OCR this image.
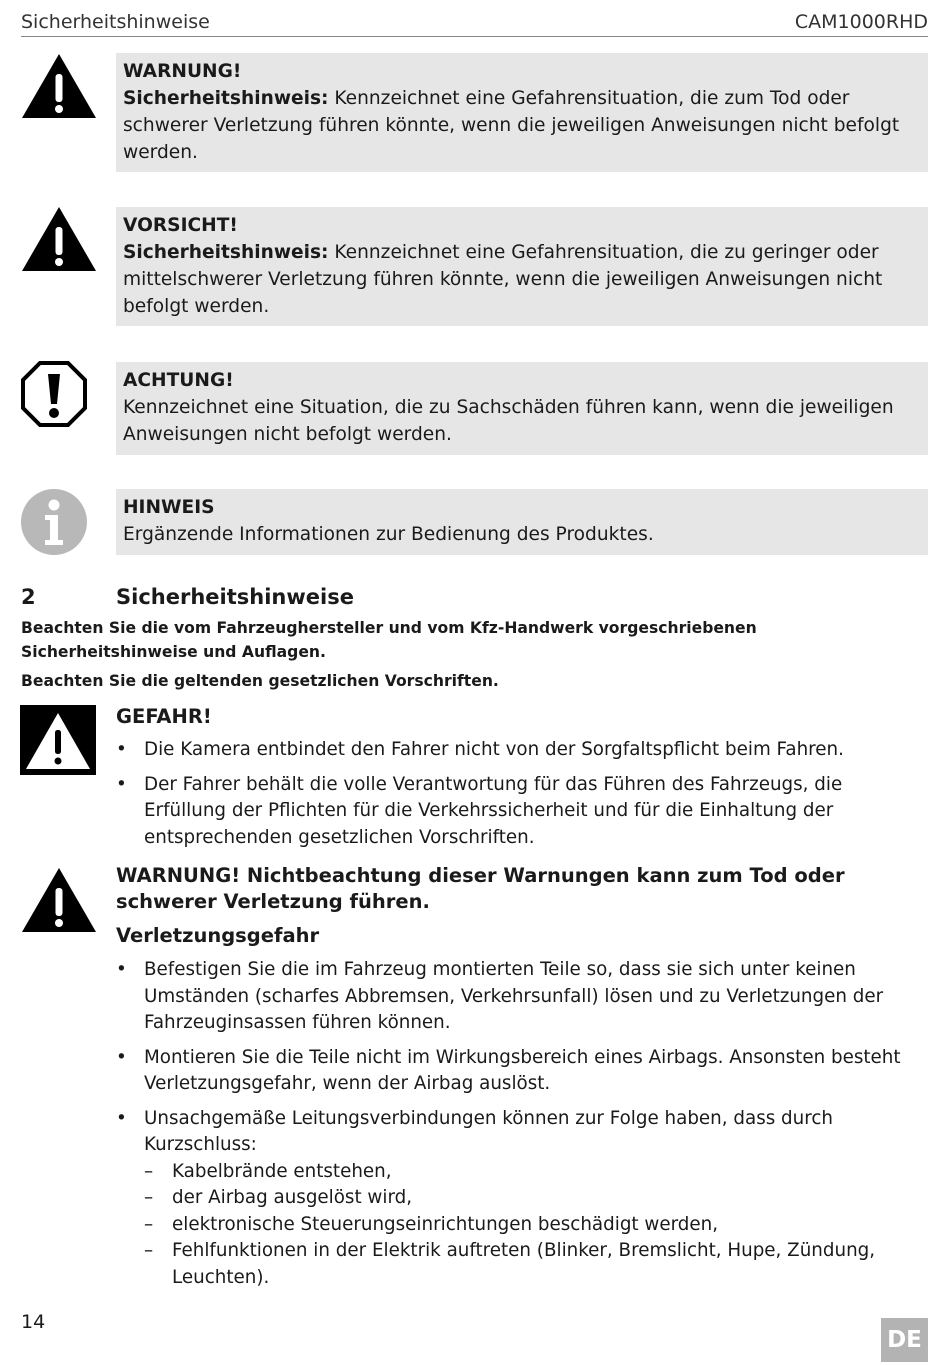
Sicherheitshinweise	CAM1000RHD
WARNUNG!
Sicherheitshinweis: Kennzeichnet eine Gefahrensituation, die zum Tod oder schwerer Verletzung führen könnte, wenn die jeweiligen Anweisungen nicht befolgt werden.
VORSICHT!
Sicherheitshinweis: Kennzeichnet eine Gefahrensituation, die zu geringer oder mittelschwerer Verletzung führen könnte, wenn die jeweiligen Anweisungen nicht befolgt werden.
ACHTUNG!
Kennzeichnet eine Situation, die zu Sachschäden führen kann, wenn die jeweiligen Anweisungen nicht befolgt werden.
HINWEIS
Ergänzende Informationen zur Bedienung des Produktes.
2	Sicherheitshinweise
Beachten Sie die vom Fahrzeughersteller und vom Kfz-Handwerk vorgeschriebenen Sicherheitshinweise und Auflagen.
Beachten Sie die geltenden gesetzlichen Vorschriften.
GEFAHR!
• Die Kamera entbindet den Fahrer nicht von der Sorgfaltspflicht beim Fahren.
• Der Fahrer behält die volle Verantwortung für das Führen des Fahrzeugs, die Erfüllung der Pflichten für die Verkehrssicherheit und für die Einhaltung der entsprechenden gesetzlichen Vorschriften.
WARNUNG! Nichtbeachtung dieser Warnungen kann zum Tod oder schwerer Verletzung führen.
Verletzungsgefahr
• Befestigen Sie die im Fahrzeug montierten Teile so, dass sie sich unter keinen Umständen (scharfes Abbremsen, Verkehrsunfall) lösen und zu Verletzungen der Fahrzeuginsassen führen können.
• Montieren Sie die Teile nicht im Wirkungsbereich eines Airbags. Ansonsten besteht Verletzungsgefahr, wenn der Airbag auslöst.
• Unsachgemäße Leitungsverbindungen können zur Folge haben, dass durch Kurzschluss:
– Kabelbrände entstehen,
– der Airbag ausgelöst wird,
– elektronische Steuerungseinrichtungen beschädigt werden,
– Fehlfunktionen in der Elektrik auftreten (Blinker, Bremslicht, Hupe, Zündung, Leuchten).
14
DE
